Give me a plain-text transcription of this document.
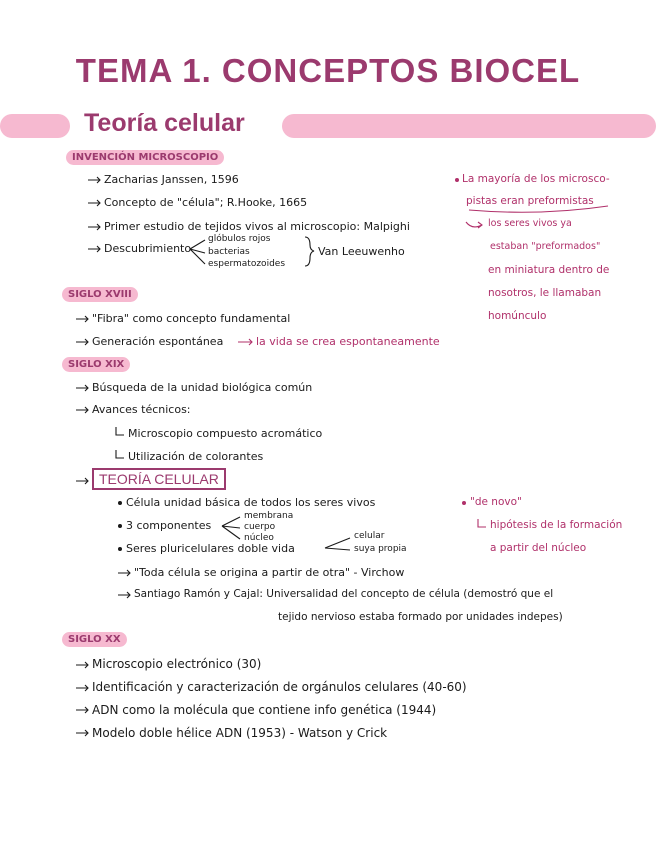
TEMA 1. CONCEPTOS BIOCEL
Teoría celular
INVENCIÓN MICROSCOPIO
Zacharias Janssen, 1596
Concepto de "célula"; R.Hooke, 1665
Primer estudio de tejidos vivos al microscopio: Malpighi
Descubrimiento
glóbulos rojos
bacterias
espermatozoides
Van Leeuwenho
La mayoría de los microsco-
pistas eran preformistas
los seres vivos ya
estaban "preformados"
en miniatura dentro de
nosotros, le llamaban
homúnculo
SIGLO XVIII
"Fibra" como concepto fundamental
Generación espontánea	la vida se crea espontaneamente
SIGLO XIX
Búsqueda de la unidad biológica común
Avances técnicos:
Microscopio compuesto acromático
Utilización de colorantes
TEORÍA CELULAR
Célula unidad básica de todos los seres vivos
3 componentes
membrana
cuerpo
núcleo
Seres pluricelulares doble vida
celular
suya propia
"Toda célula se origina a partir de otra" - Virchow
Santiago Ramón y Cajal: Universalidad del concepto de célula (demostró que el
tejido nervioso estaba formado por unidades indepes)
"de novo"
hipótesis de la formación
a partir del núcleo
SIGLO XX
Microscopio electrónico (30)
Identificación y caracterización de orgánulos celulares (40-60)
ADN como la molécula que contiene info genética (1944)
Modelo doble hélice ADN (1953) - Watson y Crick
